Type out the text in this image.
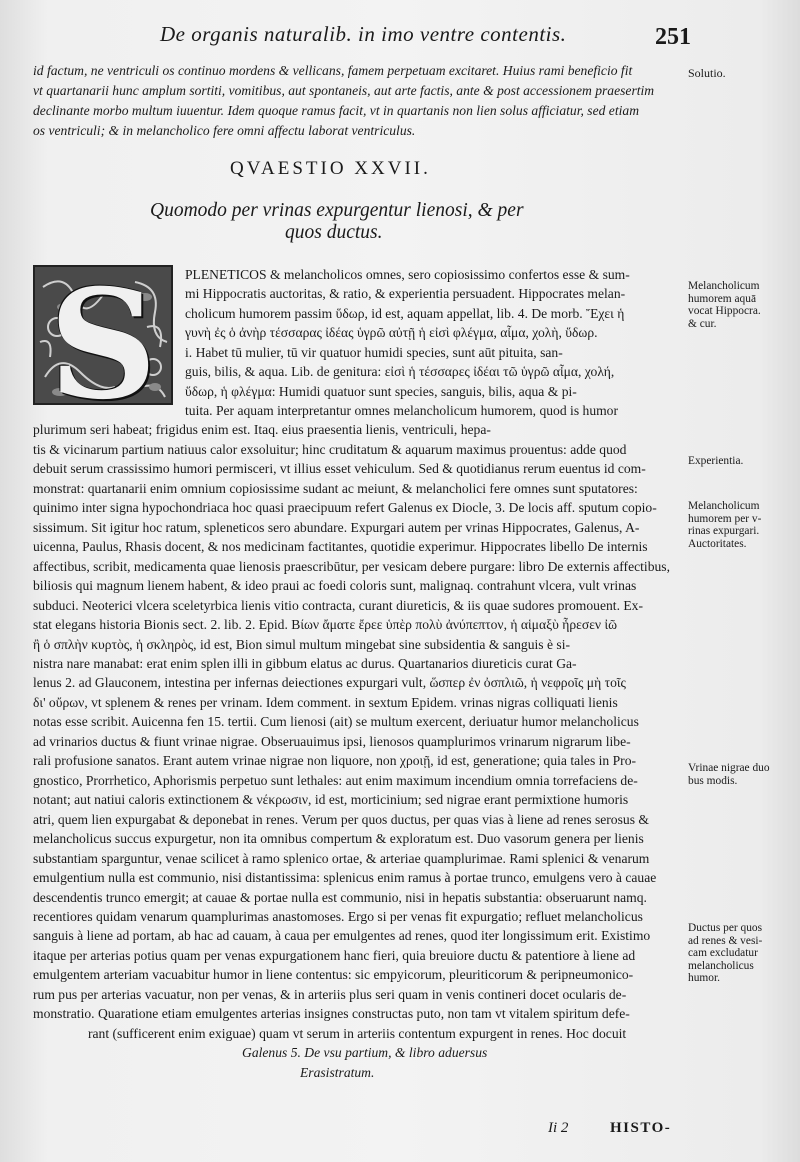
De organis naturalib. in imo ventre contentis.	251
id factum, ne ventriculi os continuo mordens & vellicans, famem perpetuam excitaret. Huius rami beneficio fit
vt quartanarii hunc amplum sortiti, vomitibus, aut spontaneis, aut arte factis, ante & post accessionem praesertim
declinante morbo multum iuuentur. Idem quoque ramus facit, vt in quartanis non lien solus afficiatur, sed etiam
os ventriculi; & in melancholico fere omni affectu laborat ventriculus.
Solutio.
QVAESTIO XXVII.
Quomodo per vrinas expurgentur lienosi, & per
quos ductus.
S	PLENETICOS & melancholicos omnes, sero copiosissimo confertos esse & sum-
mi Hippocratis auctoritas, & ratio, & experientia persuadent. Hippocrates melan-
cholicum humorem passim ὕδωρ, id est, aquam appellat, lib. 4. De morb. Ἔχει ἡ
γυνὴ ἐς ὁ ἀνὴρ τέσσαρας ἰδέας ὑγρῶ αὐτῇ ἡ εἰσὶ φλέγμα, αἷμα, χολὴ, ὕδωρ.
i. Habet tū mulier, tū vir quatuor humidi species, sunt aūt pituita, san-
guis, bilis, & aqua. Lib. de genitura: εἰσὶ ἡ τέσσαρες ἰδέαι τῶ ὑγρῶ αἷμα, χολή,
ὕδωρ, ἡ φλέγμα: Humidi quatuor sunt species, sanguis, bilis, aqua & pi-
tuita. Per aquam interpretantur omnes melancholicum humorem, quod is humor
plurimum seri habeat; frigidus enim est. Itaq. eius praesentia lienis, ventriculi, hepa-
tis & vicinarum partium natiuus calor exsoluitur; hinc cruditatum & aquarum maximus prouentus: adde quod
debuit serum crassissimo humori permisceri, vt illius esset vehiculum. Sed & quotidianus rerum euentus id com-
monstrat: quartanarii enim omnium copiosissime sudant ac meiunt, & melancholici fere omnes sunt sputatores:
quinimo inter signa hypochondriaca hoc quasi praecipuum refert Galenus ex Diocle, 3. De locis aff. sputum copio-
sissimum. Sit igitur hoc ratum, spleneticos sero abundare. Expurgari autem per vrinas Hippocrates, Galenus, A-
uicenna, Paulus, Rhasis docent, & nos medicinam factitantes, quotidie experimur. Hippocrates libello De internis
affectibus, scribit, medicamenta quae lienosis praescribūtur, per vesicam debere purgare: libro De externis affectibus,
biliosis qui magnum lienem habent, & ideo praui ac foedi coloris sunt, malignaq. contrahunt vlcera, vult vrinas
subduci. Neoterici vlcera sceletyrbica lienis vitio contracta, curant diureticis, & iis quae sudores promouent. Ex-
stat elegans historia Bionis sect. 2. lib. 2. Epid. Βίων ἄματε ἔρεε ὑπὲρ πολὺ ἀνύπεπτον, ἡ αἱμαξὺ ἦρεσεν ἰῶ
ἢ ὁ σπλὴν κυρτὸς, ἡ σκληρὸς, id est, Bion simul multum mingebat sine subsidentia & sanguis è si-
nistra nare manabat: erat enim splen illi in gibbum elatus ac durus. Quartanarios diureticis curat Ga-
lenus 2. ad Glauconem, intestina per infernas deiectiones expurgari vult, ὥσπερ ἐν ὀσπλιῶ, ἡ νεφροῖς μὴ τοῖς
δι' οὔρων, vt splenem & renes per vrinam. Idem comment. in sextum Epidem. vrinas nigras colliquati lienis
notas esse scribit. Auicenna fen 15. tertii. Cum lienosi (ait) se multum exercent, deriuatur humor melancholicus
ad vrinarios ductus & fiunt vrinae nigrae. Obseruauimus ipsi, lienosos quamplurimos vrinarum nigrarum libe-
rali profusione sanatos. Erant autem vrinae nigrae non liquore, non χροιῇ, id est, generatione; quia tales in Pro-
gnostico, Prorrhetico, Aphorismis perpetuo sunt lethales: aut enim maximum incendium omnia torrefaciens de-
notant; aut natiui caloris extinctionem & νέκρωσιν, id est, morticinium; sed nigrae erant permixtione humoris
atri, quem lien expurgabat & deponebat in renes. Verum per quos ductus, per quas vias à liene ad renes serosus &
melancholicus succus expurgetur, non ita omnibus compertum & exploratum est. Duo vasorum genera per lienis
substantiam sparguntur, venae scilicet à ramo splenico ortae, & arteriae quamplurimae. Rami splenici & venarum
emulgentium nulla est communio, nisi distantissima: splenicus enim ramus à portae trunco, emulgens vero à cauae
descendentis trunco emergit; at cauae & portae nulla est communio, nisi in hepatis substantia: obseruarunt namq.
recentiores quidam venarum quamplurimas anastomoses. Ergo si per venas fit expurgatio; refluet melancholicus
sanguis à liene ad portam, ab hac ad cauam, à caua per emulgentes ad renes, quod iter longissimum erit. Existimo
itaque per arterias potius quam per venas expurgationem hanc fieri, quia breuiore ductu & patentiore à liene ad
emulgentem arteriam vacuabitur humor in liene contentus: sic empyicorum, pleuriticorum & peripneumonico-
rum pus per arterias vacuatur, non per venas, & in arteriis plus seri quam in venis contineri docet ocularis de-
monstratio. Quaratione etiam emulgentes arterias insignes constructas puto, non tam vt vitalem spiritum defe-
rant (sufficerent enim exiguae) quam vt serum in arteriis contentum expurgent in renes. Hoc docuit
Galenus 5. De vsu partium, & libro aduersus
Erasistratum.
Melancholicum
humorem aquā
vocat Hippocra.
& cur.
Experientia.
Melancholicum
humorem per v-
rinas expurgari.
Auctoritates.
Vrinae nigrae duo
bus modis.
Ductus per quos
ad renes & vesi-
cam excludatur
melancholicus
humor.
Ii 2	HISTO-
